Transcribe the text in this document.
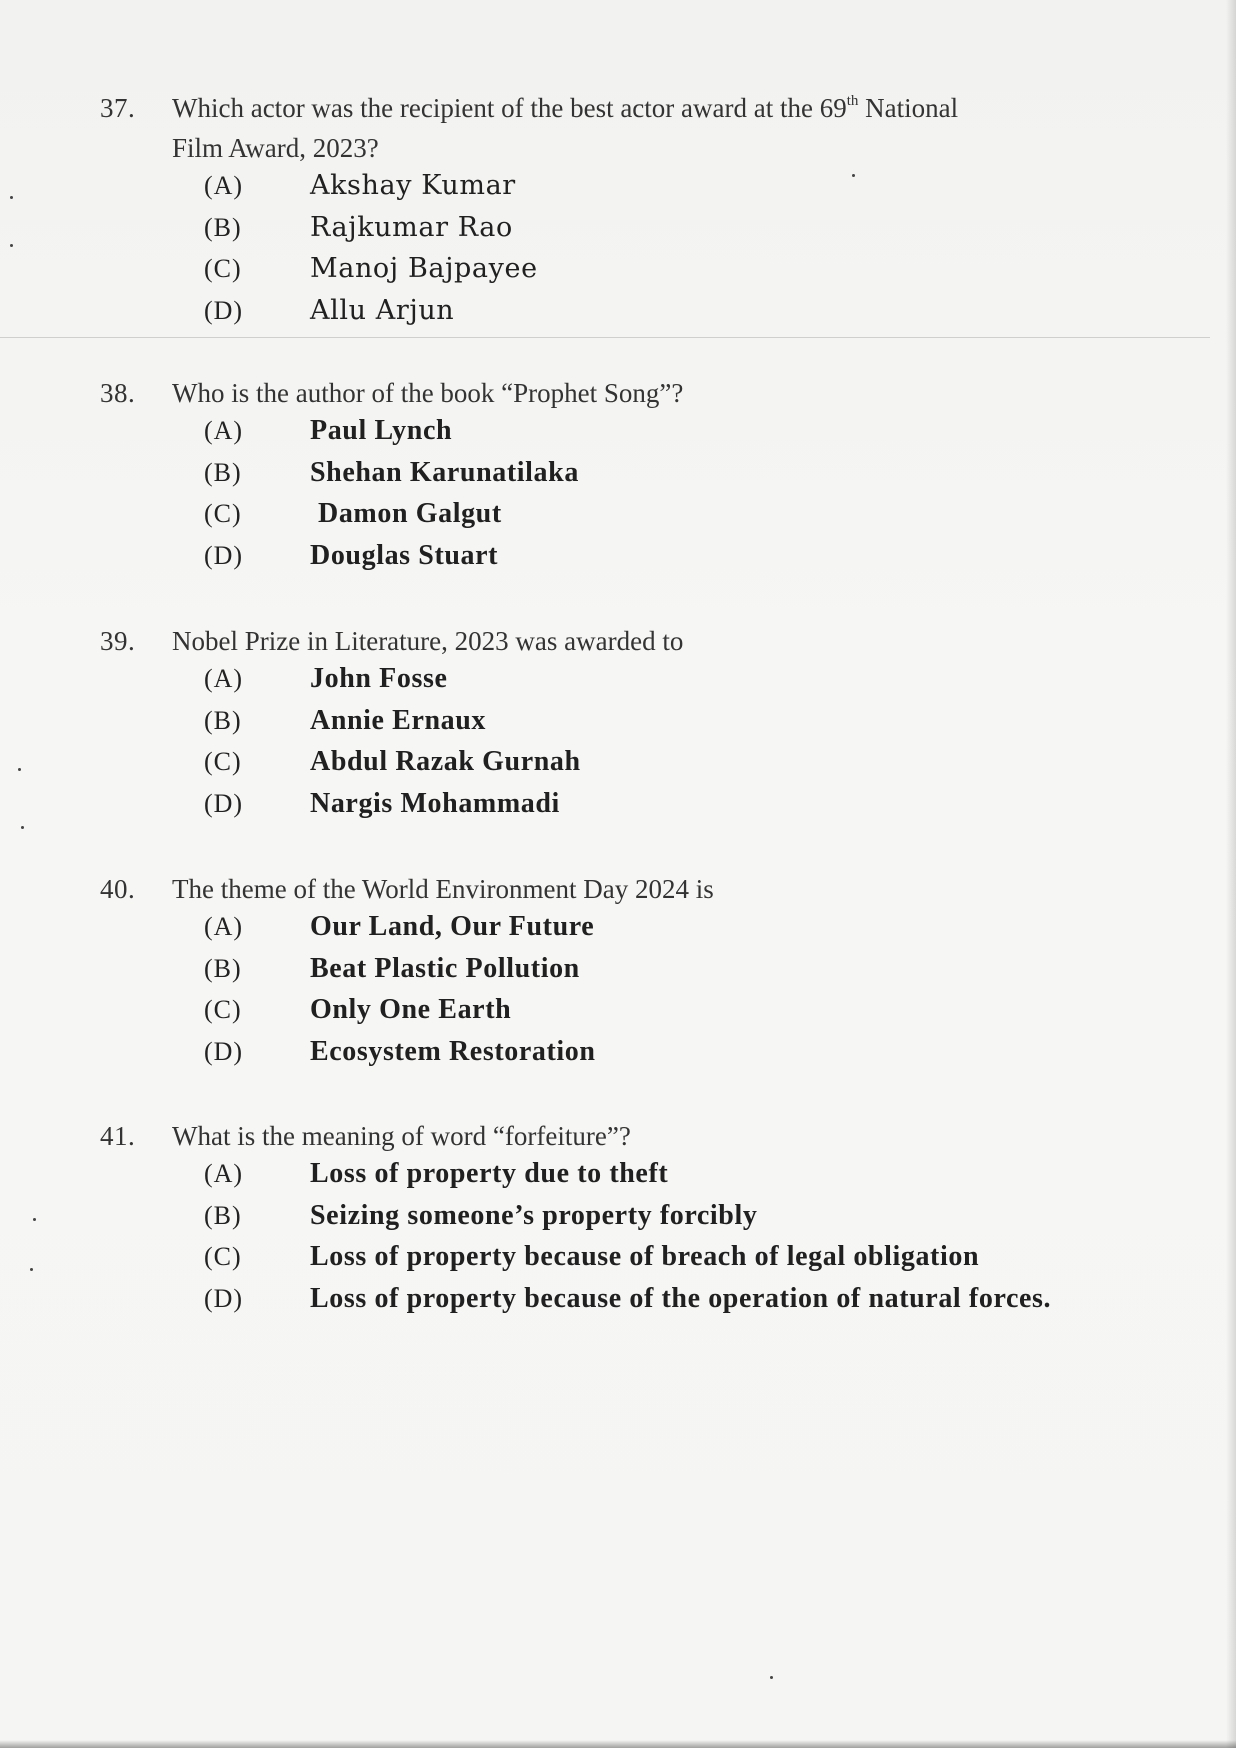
37.	Which actor was the recipient of the best actor award at the 69th National
Film Award, 2023?
(A)	Akshay Kumar
(B)	Rajkumar Rao
(C)	Manoj Bajpayee
(D)	Allu Arjun
38.	Who is the author of the book “Prophet Song”?
(A)	Paul Lynch
(B)	Shehan Karunatilaka
(C)	Damon Galgut
(D)	Douglas Stuart
39.	Nobel Prize in Literature, 2023 was awarded to
(A)	John Fosse
(B)	Annie Ernaux
(C)	Abdul Razak Gurnah
(D)	Nargis Mohammadi
40.	The theme of the World Environment Day 2024 is
(A)	Our Land, Our Future
(B)	Beat Plastic Pollution
(C)	Only One Earth
(D)	Ecosystem Restoration
41.	What is the meaning of word “forfeiture”?
(A)	Loss of property due to theft
(B)	Seizing someone’s property forcibly
(C)	Loss of property because of breach of legal obligation
(D)	Loss of property because of the operation of natural forces.
